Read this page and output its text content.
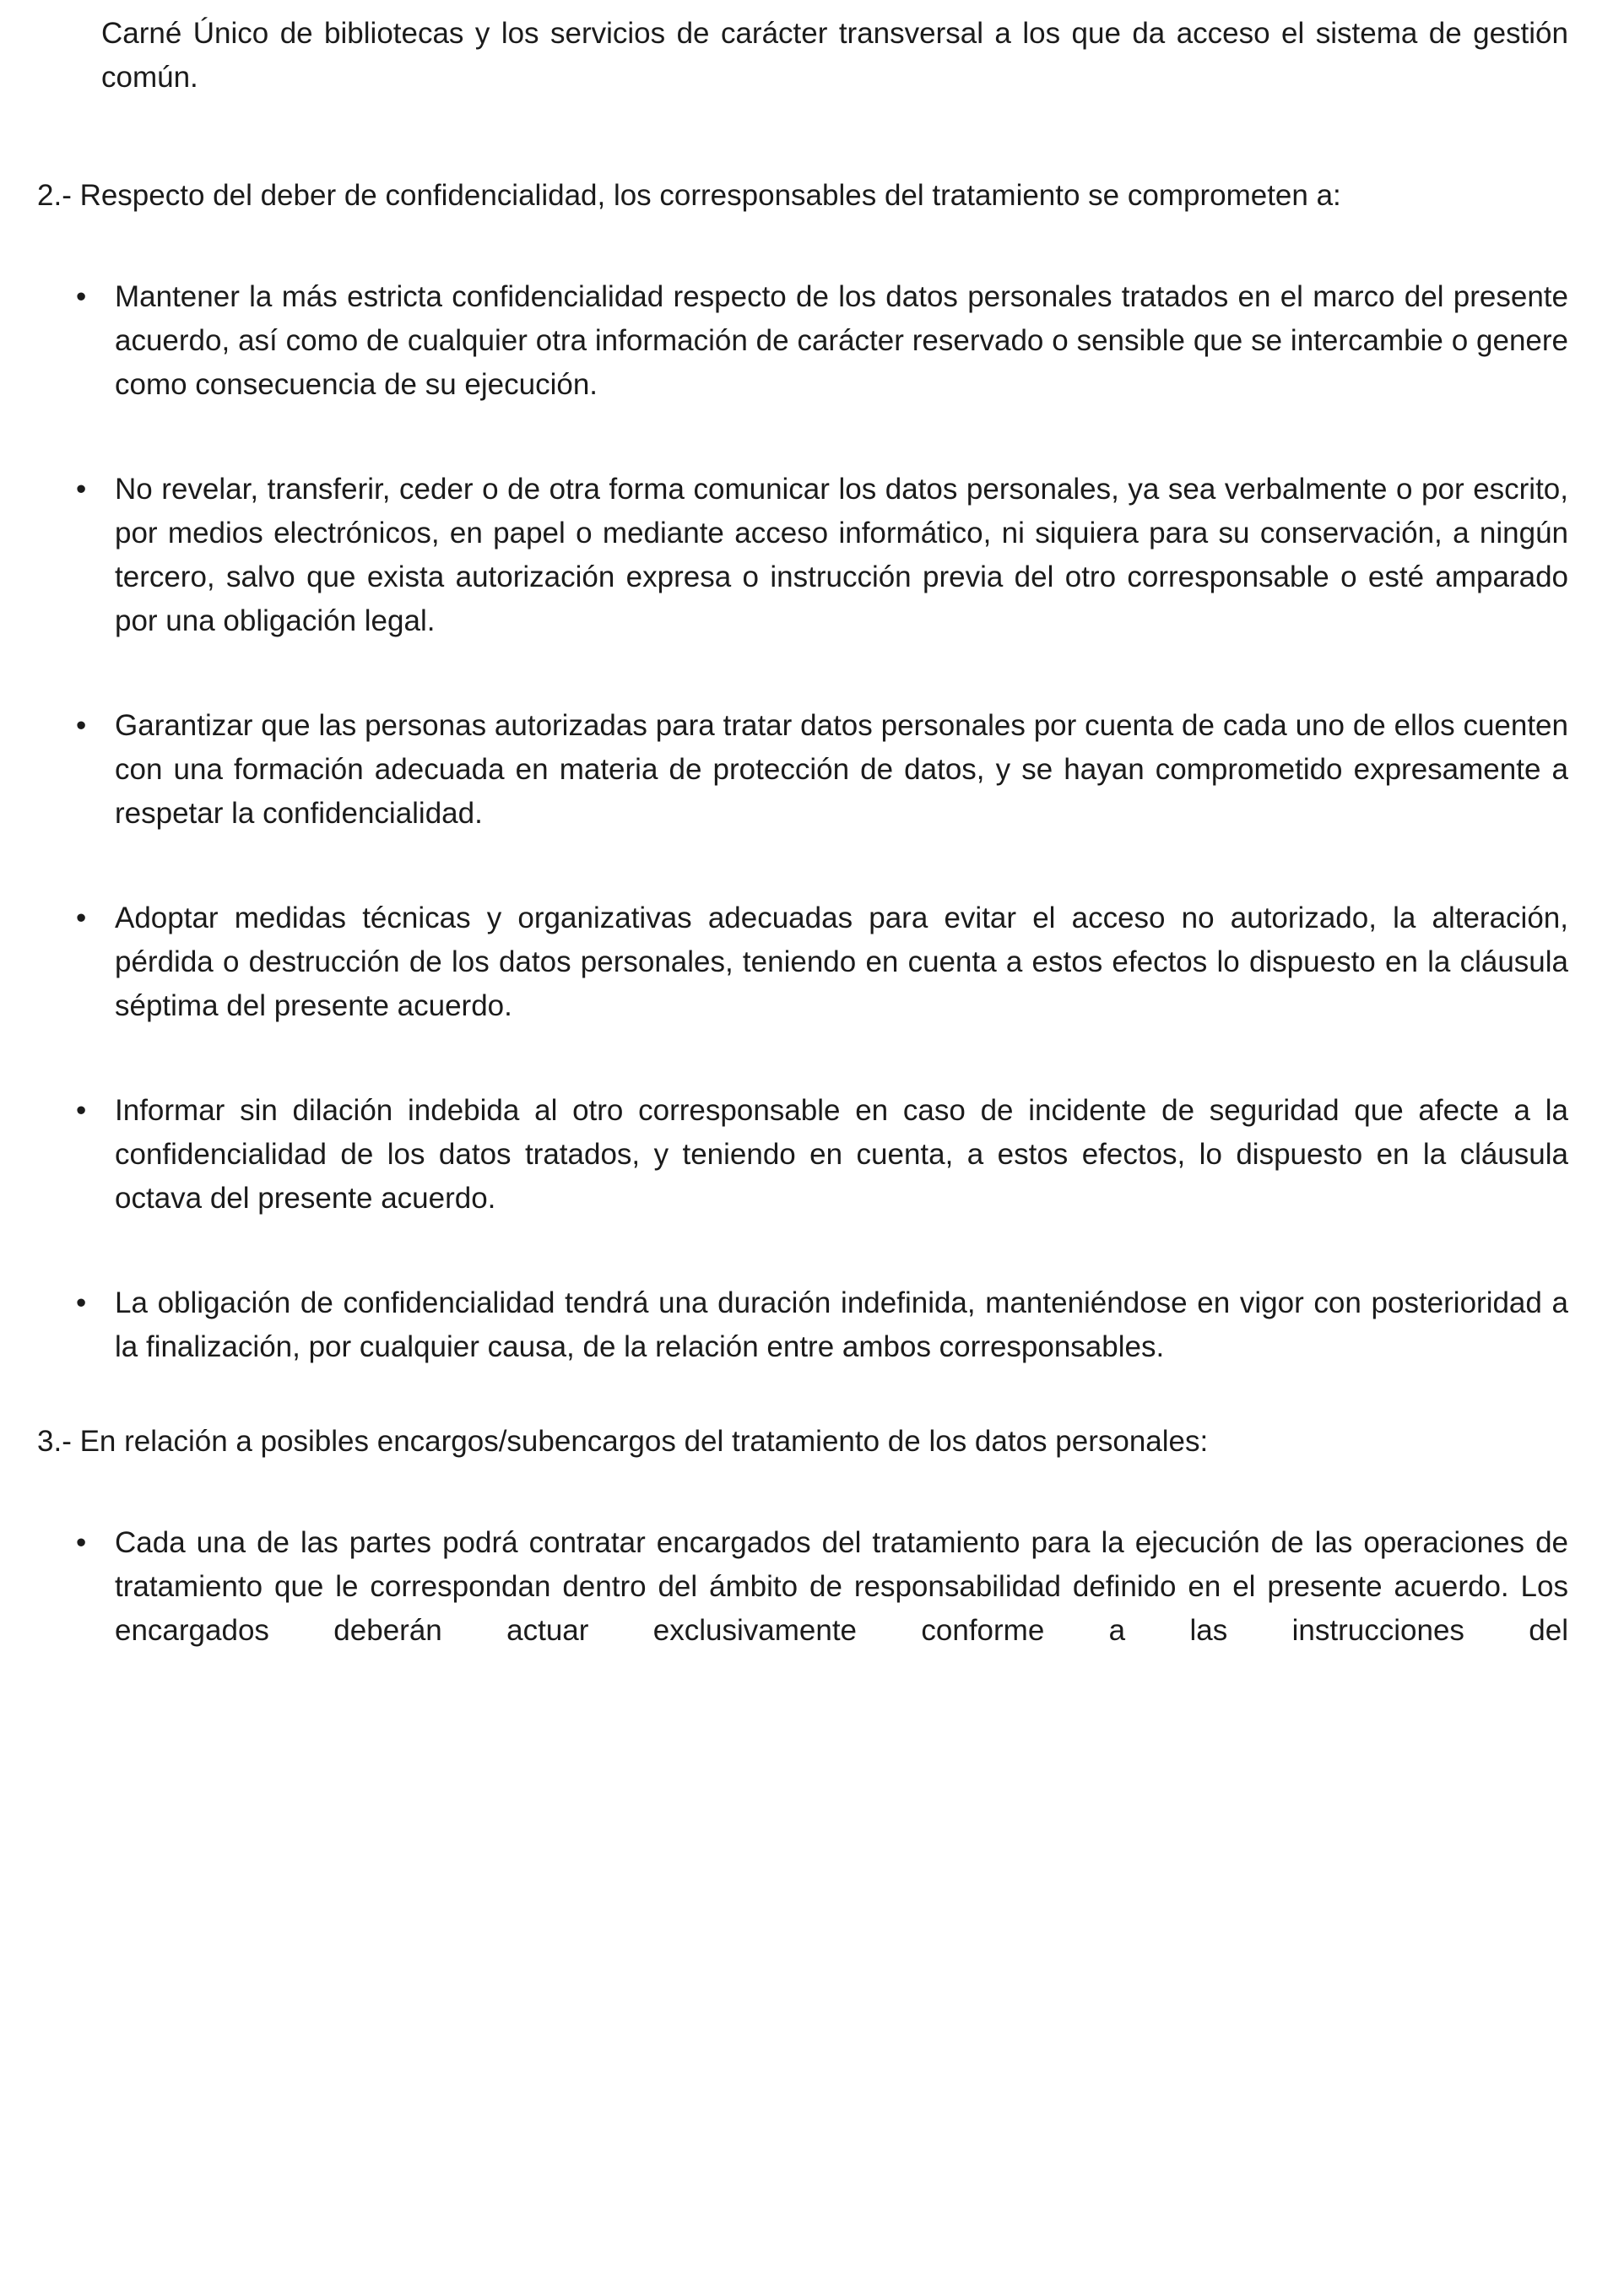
Carné Único de bibliotecas y los servicios de carácter transversal a los que da acceso el sistema de gestión común.

2.- Respecto del deber de confidencialidad, los corresponsables del tratamiento se comprometen a:

• Mantener la más estricta confidencialidad respecto de los datos personales tratados en el marco del presente acuerdo, así como de cualquier otra información de carácter reservado o sensible que se intercambie o genere como consecuencia de su ejecución.
• No revelar, transferir, ceder o de otra forma comunicar los datos personales, ya sea verbalmente o por escrito, por medios electrónicos, en papel o mediante acceso informático, ni siquiera para su conservación, a ningún tercero, salvo que exista autorización expresa o instrucción previa del otro corresponsable o esté amparado por una obligación legal.
• Garantizar que las personas autorizadas para tratar datos personales por cuenta de cada uno de ellos cuenten con una formación adecuada en materia de protección de datos, y se hayan comprometido expresamente a respetar la confidencialidad.
• Adoptar medidas técnicas y organizativas adecuadas para evitar el acceso no autorizado, la alteración, pérdida o destrucción de los datos personales, teniendo en cuenta a estos efectos lo dispuesto en la cláusula séptima del presente acuerdo.
• Informar sin dilación indebida al otro corresponsable en caso de incidente de seguridad que afecte a la confidencialidad de los datos tratados, y teniendo en cuenta, a estos efectos, lo dispuesto en la cláusula octava del presente acuerdo.
• La obligación de confidencialidad tendrá una duración indefinida, manteniéndose en vigor con posterioridad a la finalización, por cualquier causa, de la relación entre ambos corresponsables.

3.- En relación a posibles encargos/subencargos del tratamiento de los datos personales:

• Cada una de las partes podrá contratar encargados del tratamiento para la ejecución de las operaciones de tratamiento que le correspondan dentro del ámbito de responsabilidad definido en el presente acuerdo. Los encargados deberán actuar exclusivamente conforme a las instrucciones del
